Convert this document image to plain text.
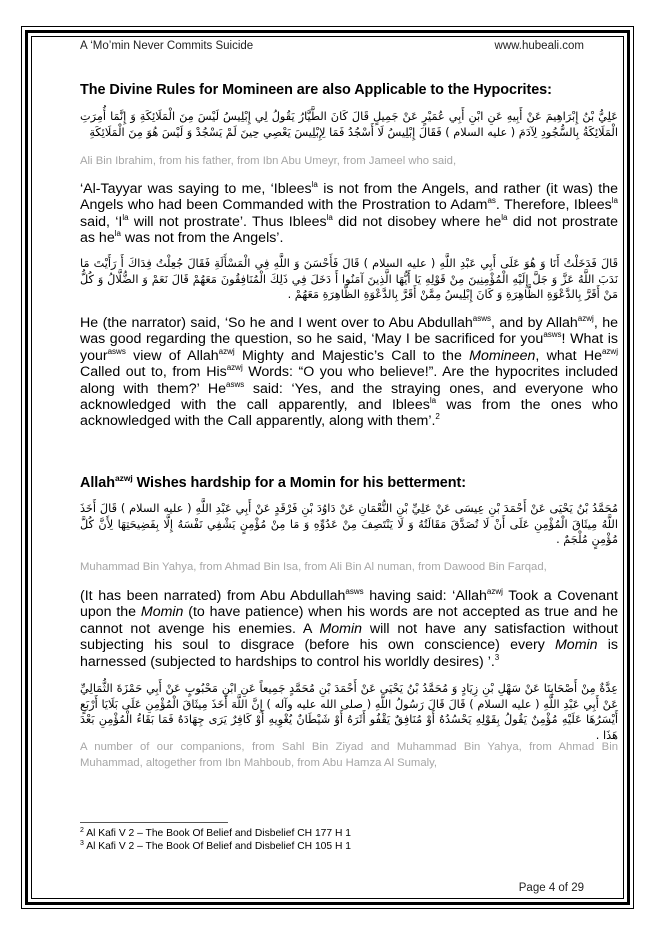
A ‘Mo’min Never Commits Suicide	www.hubeali.com
The Divine Rules for Momineen are also Applicable to the Hypocrites:
عَلِيُّ بْنُ إِبْرَاهِيمَ عَنْ أَبِيهِ عَنِ ابْنِ أَبِي عُمَيْرٍ عَنْ جَمِيلٍ قَالَ كَانَ الطَّيَّارُ يَقُولُ لِي إِبْلِيسُ لَيْسَ مِنَ الْمَلَائِكَةِ وَ إِنَّمَا أُمِرَتِ الْمَلَائِكَةُ بِالسُّجُودِ لِآدَمَ ( عليه السلام ) فَقَالَ إِبْلِيسُ لَا أَسْجُدُ فَمَا لِإِبْلِيسَ يَعْصِي حِينَ لَمْ يَسْجُدْ وَ لَيْسَ هُوَ مِنَ الْمَلَائِكَةِ
Ali Bin Ibrahim, from his father, from Ibn Abu Umeyr, from Jameel who said,
‘Al-Tayyar was saying to me, ‘Iblees$^{la}$ is not from the Angels, and rather (it was) the Angels who had been Commanded with the Prostration to Adam$^{as}$. Therefore, Iblees$^{la}$ said, ‘$I^{la}$ will not prostrate’. Thus Iblees$^{la}$ did not disobey where $he^{la}$ did not prostrate as $he^{la}$ was not from the Angels’.
قَالَ فَدَخَلْتُ أَنَا وَ هُوَ عَلَى أَبِي عَبْدِ اللَّهِ ( عليه السلام ) قَالَ فَأَحْسَنَ وَ اللَّهِ فِي الْمَسْأَلَةِ فَقَالَ جُعِلْتُ فِدَاكَ أَ رَأَيْتَ مَا نَدَبَ اللَّهُ عَزَّ وَ جَلَّ إِلَيْهِ الْمُؤْمِنِينَ مِنْ قَوْلِهِ يَا أَيُّهَا الَّذِينَ آمَنُوا أَ دَخَلَ فِي ذَلِكَ الْمُنَافِقُونَ مَعَهُمْ قَالَ نَعَمْ وَ الضُّلَّالُ وَ كُلُّ مَنْ أَقَرَّ بِالدَّعْوَةِ الظَّاهِرَةِ وَ كَانَ إِبْلِيسُ مِمَّنْ أَقَرَّ بِالدَّعْوَةِ الظَّاهِرَةِ مَعَهُمْ .
He (the narrator) said, ‘So he and I went over to Abu Abdullah$^{asws}$, and by Allah$^{azwj}$, he was good regarding the question, so he said, ‘May I be sacrificed for you$^{asws}$! What is your$^{asws}$ view of Allah$^{azwj}$ Mighty and Majestic’s Call to the Momineen, what $He^{azwj}$ Called out to, from His$^{azwj}$ Words: “O you who believe!”. Are the hypocrites included along with them?’ $He^{asws}$ said: ‘Yes, and the straying ones, and everyone who acknowledged with the call apparently, and Iblees$^{la}$ was from the ones who acknowledged with the Call apparently, along with them’.$^2$
Allah$^{azwj}$ Wishes hardship for a Momin for his betterment:
مُحَمَّدُ بْنُ يَحْيَى عَنْ أَحْمَدَ بْنِ عِيسَى عَنْ عَلِيِّ بْنِ النُّعْمَانِ عَنْ دَاوُدَ بْنِ فَرْقَدٍ عَنْ أَبِي عَبْدِ اللَّهِ ( عليه السلام ) قَالَ أَخَذَ اللَّهُ مِيثَاقَ الْمُؤْمِنِ عَلَى أَنْ لَا تُصَدَّقَ مَقَالَتُهُ وَ لَا يَنْتَصِفَ مِنْ عَدُوِّهِ وَ مَا مِنْ مُؤْمِنٍ يَشْفِي نَفْسَهُ إِلَّا بِفَضِيحَتِهَا لِأَنَّ كُلَّ مُؤْمِنٍ مُلْجَمٌ .
Muhammad Bin Yahya, from Ahmad Bin Isa, from Ali Bin Al numan, from Dawood Bin Farqad,
(It has been narrated) from Abu Abdullah$^{asws}$ having said: ‘Allah$^{azwj}$ Took a Covenant upon the Momin (to have patience) when his words are not accepted as true and he cannot not avenge his enemies. A Momin will not have any satisfaction without subjecting his soul to disgrace (before his own conscience) every Momin is harnessed (subjected to hardships to control his worldly desires) ’.$^3$
عِدَّةٌ مِنْ أَصْحَابِنَا عَنْ سَهْلِ بْنِ زِيَادٍ وَ مُحَمَّدُ بْنُ يَحْيَى عَنْ أَحْمَدَ بْنِ مُحَمَّدٍ جَمِيعاً عَنِ ابْنِ مَحْبُوبٍ عَنْ أَبِي حَمْزَةَ الثُّمَالِيِّ عَنْ أَبِي عَبْدِ اللَّهِ ( عليه السلام ) قَالَ قَالَ رَسُولُ اللَّهِ ( صلى الله عليه وآله ) إِنَّ اللَّهَ أَخَذَ مِيثَاقَ الْمُؤْمِنِ عَلَى بَلَايَا أَرْبَعٍ أَيْسَرُهَا عَلَيْهِ مُؤْمِنٌ يَقُولُ بِقَوْلِهِ يَحْسُدُهُ أَوْ مُنَافِقٌ يَقْفُو أَثَرَهُ أَوْ شَيْطَانٌ يُغْوِيهِ أَوْ كَافِرٌ يَرَى جِهَادَهُ فَمَا بَقَاءُ الْمُؤْمِنِ بَعْدَ هَذَا .
A number of our companions, from Sahl Bin Ziyad and Muhammad Bin Yahya, from Ahmad Bin Muhammad, altogether from Ibn Mahboub, from Abu Hamza Al Sumaly,
$^2$ Al Kafi V 2 – The Book Of Belief and Disbelief CH 177 H 1
$^3$ Al Kafi V 2 – The Book Of Belief and Disbelief CH 105 H 1
Page 4 of 29
